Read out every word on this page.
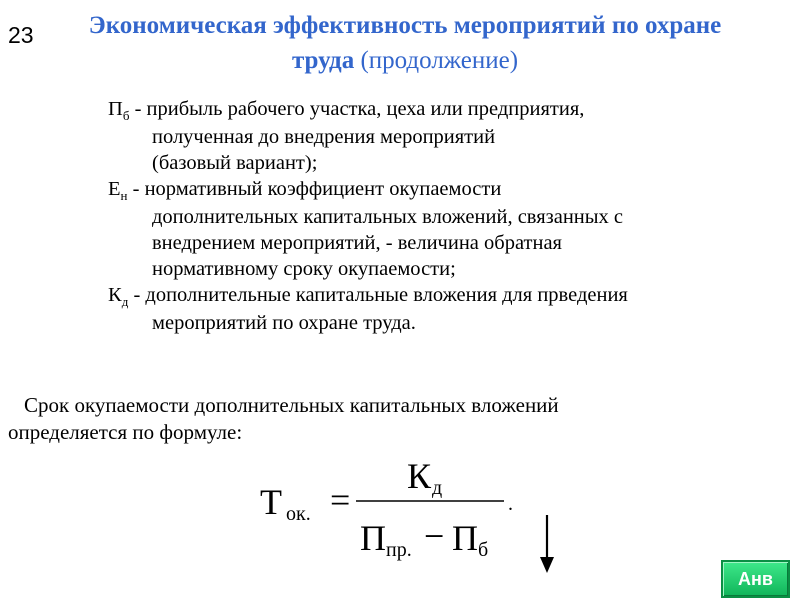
23	Экономическая эффективность мероприятий по охране труда (продолжение)
$П_б$ - прибыль рабочего участка, цеха или предприятия,
полученная до внедрения мероприятий
(базовый вариант);
$Е_н$ - нормативный коэффициент окупаемости
дополнительных капитальных вложений, связанных с
внедрением мероприятий, - величина обратная
нормативному сроку окупаемости;
$К_д$ - дополнительные капитальные вложения для прведения
мероприятий по охране труда.
Срок окупаемости дополнительных капитальных вложений
определяется по формуле:
Т ок. =
К д
.
П пр. − П б
Анв
